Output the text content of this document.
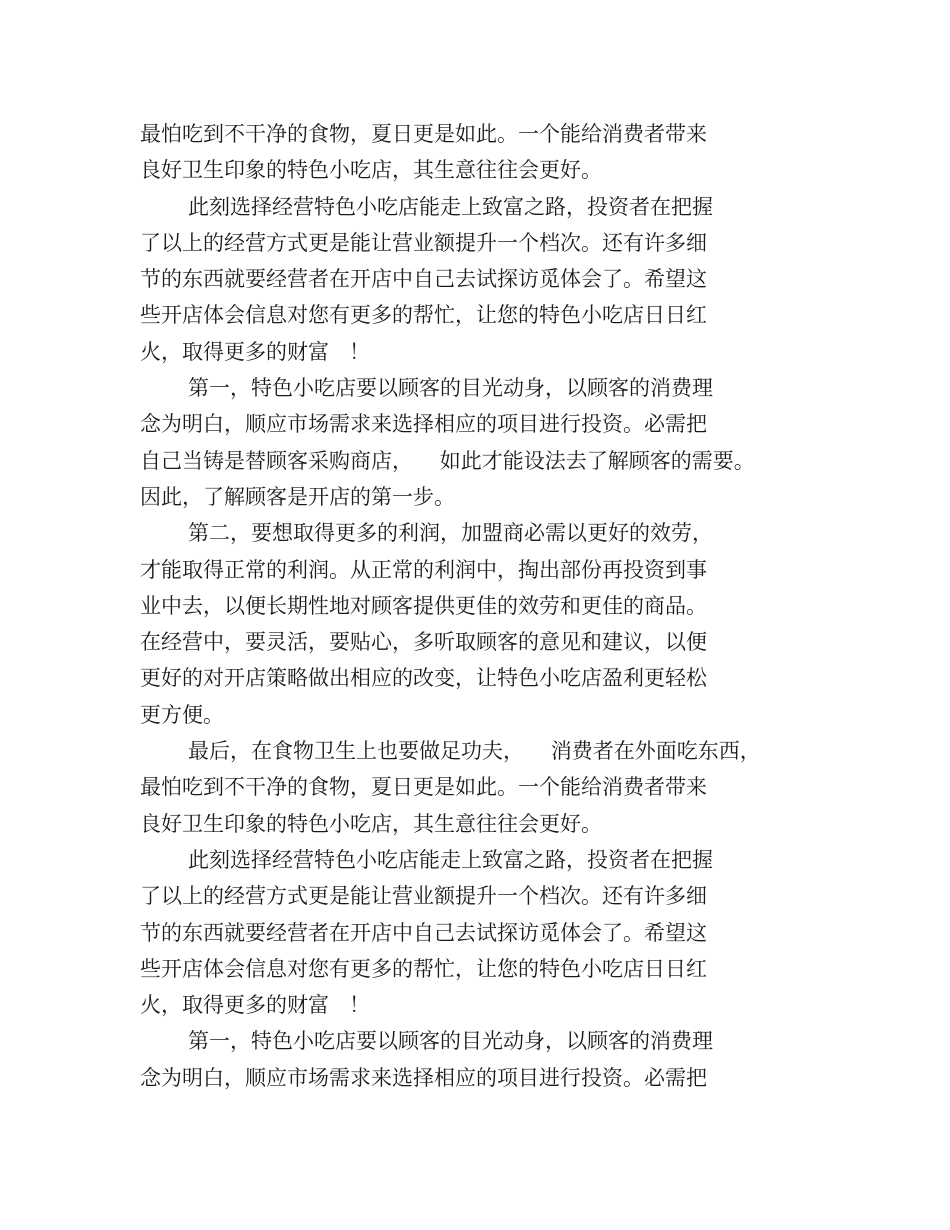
最怕吃到不干净的食物，夏日更是如此。一个能给消费者带来
良好卫生印象的特色小吃店，其生意往往会更好。
此刻选择经营特色小吃店能走上致富之路，投资者在把握
了以上的经营方式更是能让营业额提升一个档次。还有许多细
节的东西就要经营者在开店中自己去试探访觅体会了。希望这
些开店体会信息对您有更多的帮忙，让您的特色小吃店日日红
火，取得更多的财富   ！
第一，特色小吃店要以顾客的目光动身，以顾客的消费理
念为明白，顺应市场需求来选择相应的项目进行投资。必需把
自己当铸是替顾客采购商店，    如此才能设法去了解顾客的需要。
因此，了解顾客是开店的第一步。
第二，要想取得更多的利润，加盟商必需以更好的效劳，
才能取得正常的利润。从正常的利润中，掏出部份再投资到事
业中去，以便长期性地对顾客提供更佳的效劳和更佳的商品。
在经营中，要灵活，要贴心，多听取顾客的意见和建议，以便
更好的对开店策略做出相应的改变，让特色小吃店盈利更轻松
更方便。
最后，在食物卫生上也要做足功夫，    消费者在外面吃东西，
最怕吃到不干净的食物，夏日更是如此。一个能给消费者带来
良好卫生印象的特色小吃店，其生意往往会更好。
此刻选择经营特色小吃店能走上致富之路，投资者在把握
了以上的经营方式更是能让营业额提升一个档次。还有许多细
节的东西就要经营者在开店中自己去试探访觅体会了。希望这
些开店体会信息对您有更多的帮忙，让您的特色小吃店日日红
火，取得更多的财富   ！
第一，特色小吃店要以顾客的目光动身，以顾客的消费理
念为明白，顺应市场需求来选择相应的项目进行投资。必需把
